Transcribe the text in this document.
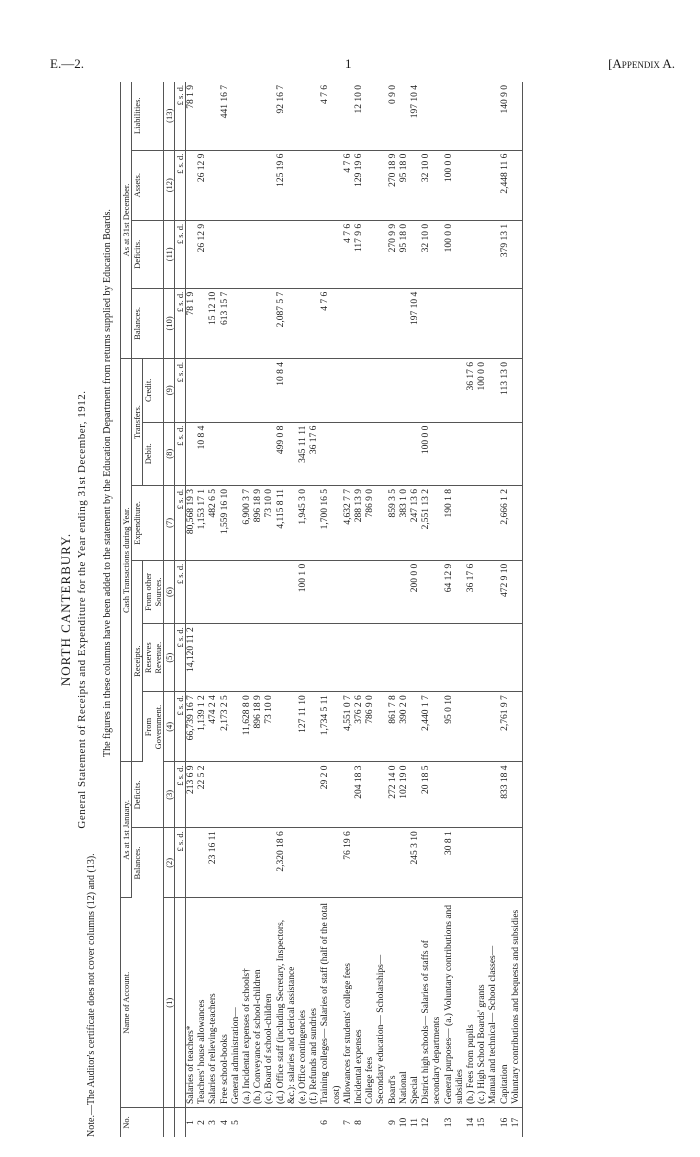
E.—2.	1	[Appendix A.
NORTH CANTERBURY. General Statement of Receipts and Expenditure for the Year ending 31st December, 1912.
Note.—The Auditor's certificate does not cover columns (12) and (13).
The figures in these columns have been added to the statement by the Education Department from returns supplied by Education Boards.
No.	Name of Account.	As at 1st January.		Cash Transactions during Year.						As at 31st December.			
		Balances.	Deficits.	Receipts.			Expenditure.	Transfers.		Balances.	Deficits.	Assets.	Liabilities.
				From Government.	Reserves Revenue.	From other Sources.		Debit.	Credit.				
	(1)	(2)	(3)	(4)	(5)	(6)	(7)	(8)	(9)	(10)	(11)	(12)	(13)
		£ s. d.	£ s. d.	£ s. d.	£ s. d.	£ s. d.	£ s. d.	£ s. d.	£ s. d.	£ s. d.	£ s. d.	£ s. d.	£ s. d.
1	Salaries of teachers*		213 6 9	66,739 16 7	14,120 11 2		80,568 19 3			78 1 9			78 1 9
2	Teachers' house allowances		22 5 2	1,139 1 2			1,153 17 1	10 8 4			26 12 9	26 12 9	
3	Salaries of relieving-teachers	23 16 11		474 2 4			482 6 5			15 12 10			
4	Free school-books			2,173 2 5			1,559 16 10			613 15 7			441 16 7
5	General administration—												
	(a.) Incidental expenses of schools†			11,628 8 0			6,900 3 7						
	(b.) Conveyance of school-children			896 18 9			896 18 9						
	(c.) Board of school-children			73 10 0			73 10 0						
	(d.) Office staff (including Secretary, Inspectors, &c.): salaries and clerical assistance	2,320 18 6					4,115 8 11	499 0 8	10 8 4	2,087 5 7		125 19 6	92 16 7
	(e.) Office contingencies			127 11 10		100 1 0	1,945 3 0	345 11 11					
	(f.) Refunds and sundries							36 17 6					
6	Training colleges— Salaries of staff (half of the total cost)		29 2 0	1,734 5 11			1,700 16 5			4 7 6			4 7 6
7	Allowances for students' college fees	76 19 6		4,551 0 7			4,632 7 7				4 7 6	4 7 6	
8	Incidental expenses		204 18 3	376 2 6			288 13 9				117 9 6	129 19 6	12 10 0
	College fees			786 9 0			786 9 0						
	Secondary education— Scholarships—												
9	Board's		272 14 0	861 7 8			859 3 5				270 9 9	270 18 9	0 9 0
10	National		102 19 0	390 2 0			383 1 0				95 18 0	95 18 0	
11	Special	245 3 10				200 0 0	247 13 6			197 10 4			197 10 4
12	District high schools— Salaries of staffs of secondary departments		20 18 5	2,440 1 7			2,551 13 2	100 0 0			32 10 0	32 10 0	
13	General purposes— (a.) Voluntary contributions and subsidies	30 8 1		95 0 10		64 12 9	190 1 8				100 0 0	100 0 0	
14	(b.) Fees from pupils					36 17 6			36 17 6				
15	(c.) High School Boards' grants								100 0 0				
	Manual and technical— School classes—												
16	Capitation		833 18 4	2,761 9 7		472 9 10	2,666 1 2		113 13 0		379 13 1	2,448 11 6	140 9 0
17	Voluntary contributions and bequests and subsidies												
